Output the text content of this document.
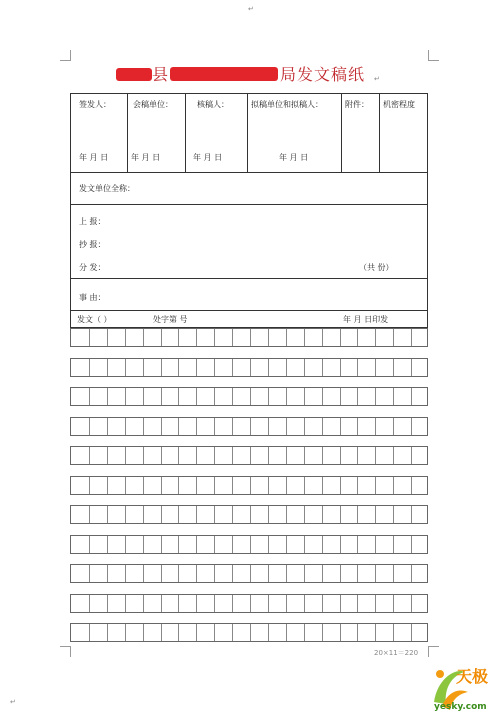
↵
↵
县	局发文稿纸 ↵
签发人：	会稿单位：	核稿人：	拟稿单位和拟稿人：	附件： 机密程度
年 月 日	年 月 日	年 月 日	年 月 日
发文单位全称：
上 报：
抄 报：
分 发：	（共 份）
事 由：
发文（ ）	处字第 号	年 月 日印发
20×11＝220
天极
yesky.com
